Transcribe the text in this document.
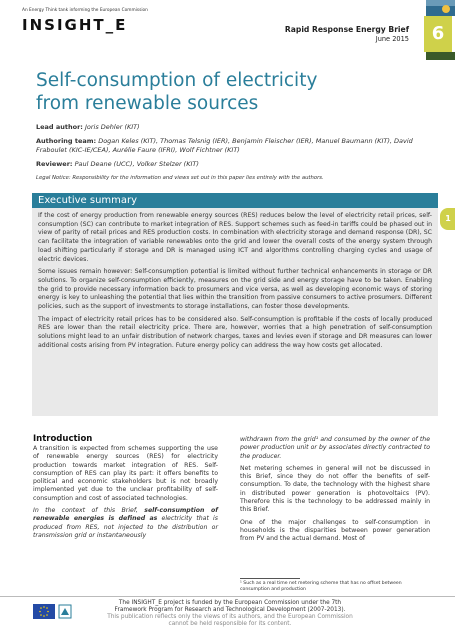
An Energy Think tank informing the European Commission
INSIGHT_E	Rapid Response Energy Brief
June 2015	6
Self-consumption of electricity from renewable sources
Lead author: Joris Dehler (KIT)
Authoring team: Dogan Keles (KIT), Thomas Telsnig (IER), Benjamin Fleischer (IER), Manuel Baumann (KIT), David Fraboulet (KIC-IE/CEA), Aurélie Faure (IFRI), Wolf Fichtner (KIT)
Reviewer: Paul Deane (UCC), Volker Stelzer (KIT)
Legal Notice: Responsibility for the information and views set out in this paper lies entirely with the authors.
Executive summary

If the cost of energy production from renewable energy sources (RES) reduces below the level of electricity retail prices, self-consumption (SC) can contribute to market integration of RES. Support schemes such as feed-in tariffs could be phased out in view of parity of retail prices and RES production costs. In combination with electricity storage and demand response (DR), SC can facilitate the integration of variable renewables onto the grid and lower the overall costs of the energy system through load shifting particularly if storage and DR is managed using ICT and algorithms controlling charging cycles and usage of electric devices.

Some issues remain however: Self-consumption potential is limited without further technical enhancements in storage or DR solutions. To organize self-consumption efficiently, measures on the grid side and energy storage have to be taken. Enabling the grid to provide necessary information back to prosumers and vice versa, as well as developing economic ways of storing energy is key to unleashing the potential that lies within the transition from passive consumers to active prosumers. Different policies, such as the support of investments to storage installations, can foster those developments.

The impact of electricity retail prices has to be considered also. Self-consumption is profitable if the costs of locally produced RES are lower than the retail electricity price. There are, however, worries that a high penetration of self-consumption solutions might lead to an unfair distribution of network charges, taxes and levies even if storage and DR measures can lower additional costs arising from PV integration. Future energy policy can address the way how costs get allocated.

1
Introduction

A transition is expected from schemes supporting the use of renewable energy sources (RES) for electricity production towards market integration of RES. Self-consumption of RES can play its part: it offers benefits to political and economic stakeholders but is not broadly implemented yet due to the unclear profitability of self-consumption and cost of associated technologies.

In the context of this Brief, self-consumption of renewable energies is defined as electricity that is produced from RES, not injected to the distribution or transmission grid or instantaneously

withdrawn from the grid¹ and consumed by the owner of the power production unit or by associates directly contracted to the producer.

Net metering schemes in general will not be discussed in this Brief, since they do not offer the benefits of self-consumption. To date, the technology with the highest share in distributed power generation is photovoltaics (PV). Therefore this is the technology to be addressed mainly in this Brief.

One of the major challenges to self-consumption in households is the disparities between power generation from PV and the actual demand. Most of

¹ Such as a real time net metering scheme that has no offset between consumption and production
The INSIGHT_E project is funded by the European Commission under the 7th
Framework Program for Research and Technological Development (2007-2013).
This publication reflects only the views of its authors, and the European Commission
cannot be held responsible for its content.
